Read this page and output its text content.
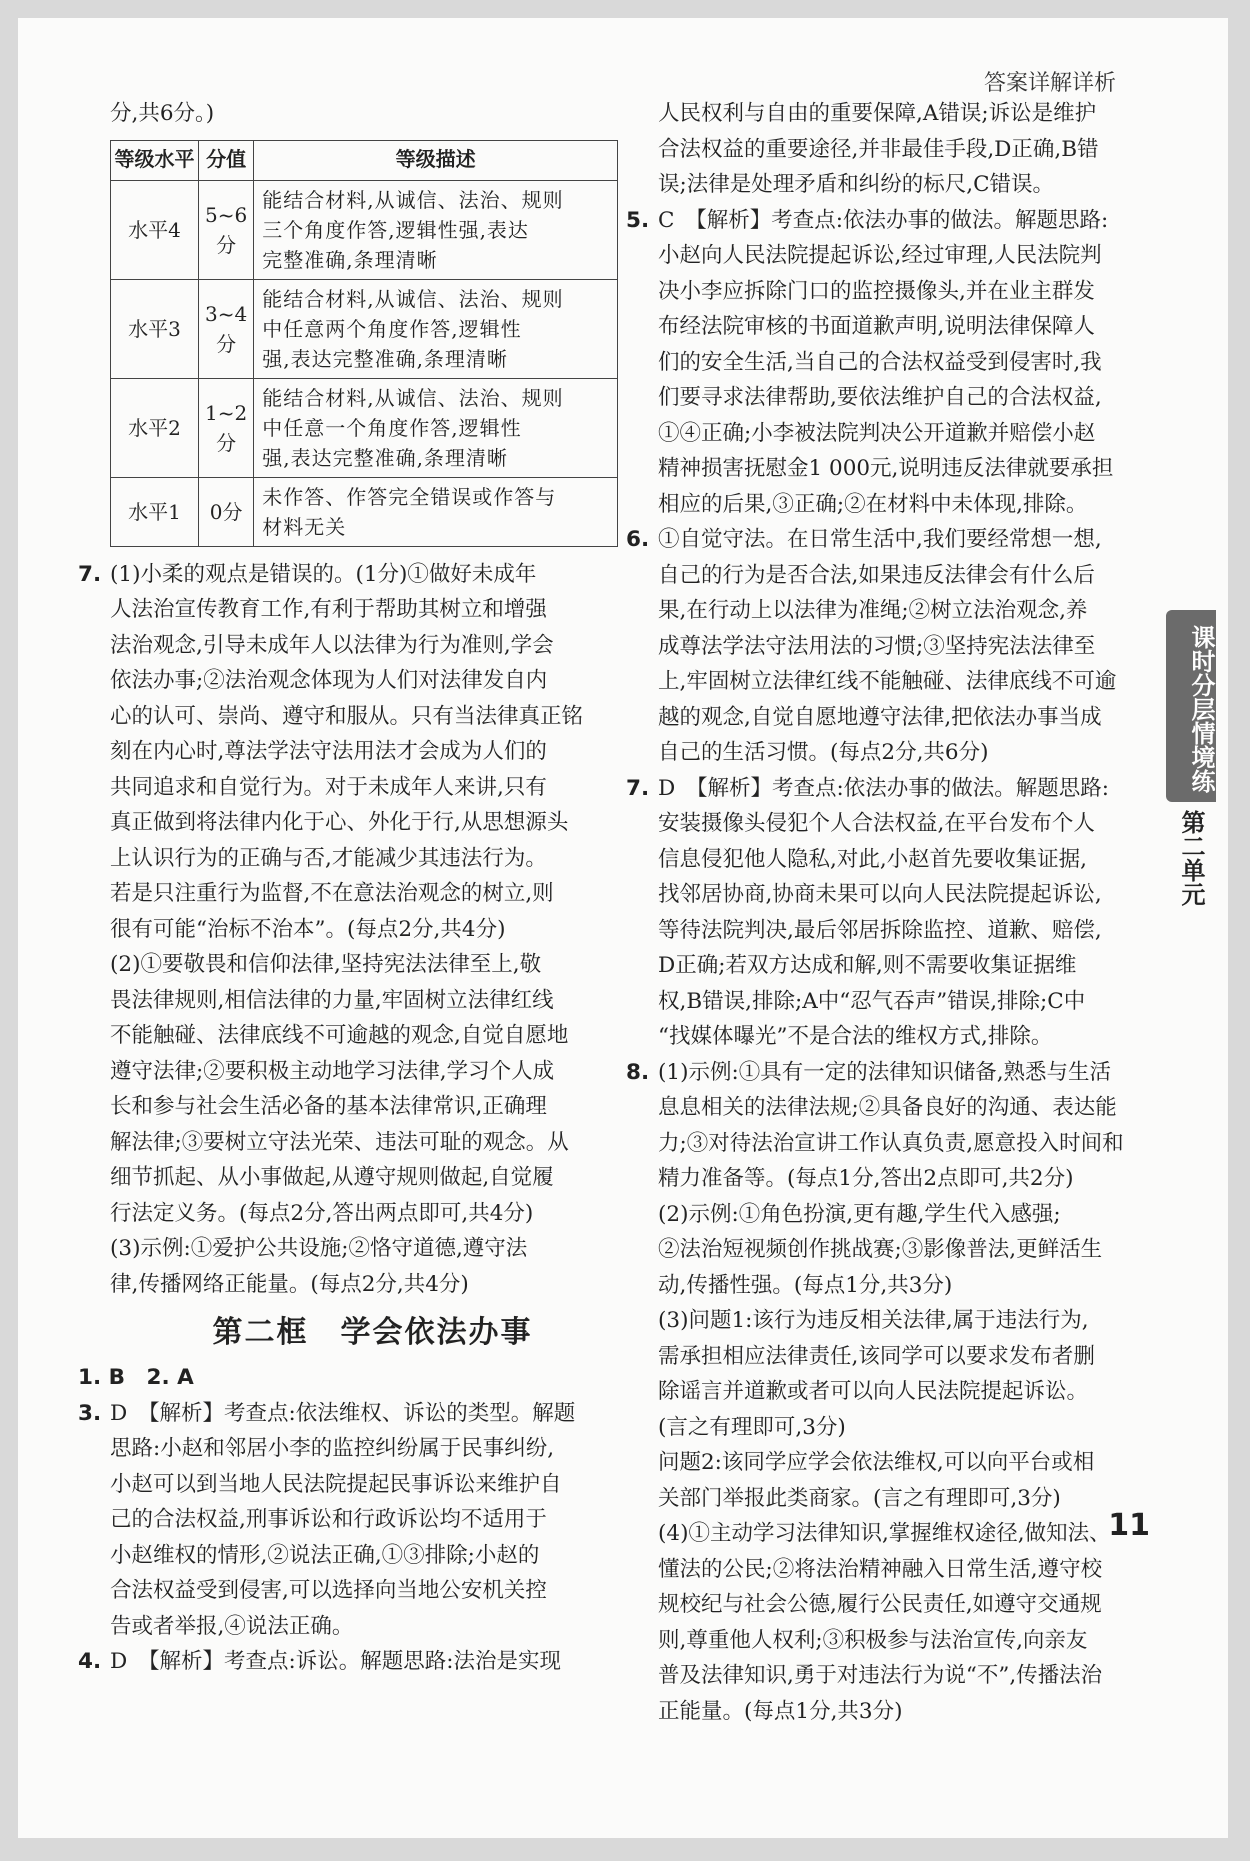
答案详解详析
分,共6分。)
等级水平	分值	等级描述
水平4	5~6分	能结合材料,从诚信、法治、规则
三个角度作答,逻辑性强,表达
完整准确,条理清晰

水平3	3~4分	能结合材料,从诚信、法治、规则
中任意两个角度作答,逻辑性
强,表达完整准确,条理清晰

水平2	1~2分	能结合材料,从诚信、法治、规则
中任意一个角度作答,逻辑性
强,表达完整准确,条理清晰

水平1	0分	未作答、作答完全错误或作答与
材料无关
7. (1)小柔的观点是错误的。(1分)①做好未成年
人法治宣传教育工作,有利于帮助其树立和增强
法治观念,引导未成年人以法律为行为准则,学会
依法办事;②法治观念体现为人们对法律发自内
心的认可、崇尚、遵守和服从。只有当法律真正铭
刻在内心时,尊法学法守法用法才会成为人们的
共同追求和自觉行为。对于未成年人来讲,只有
真正做到将法律内化于心、外化于行,从思想源头
上认识行为的正确与否,才能减少其违法行为。
若是只注重行为监督,不在意法治观念的树立,则
很有可能“治标不治本”。(每点2分,共4分)
(2)①要敬畏和信仰法律,坚持宪法法律至上,敬
畏法律规则,相信法律的力量,牢固树立法律红线
不能触碰、法律底线不可逾越的观念,自觉自愿地
遵守法律;②要积极主动地学习法律,学习个人成
长和参与社会生活必备的基本法律常识,正确理
解法律;③要树立守法光荣、违法可耻的观念。从
细节抓起、从小事做起,从遵守规则做起,自觉履
行法定义务。(每点2分,答出两点即可,共4分)
(3)示例:①爱护公共设施;②恪守道德,遵守法
律,传播网络正能量。(每点2分,共4分)
第二框　学会依法办事
1. B　2. A
3. D　【解析】考查点:依法维权、诉讼的类型。解题
思路:小赵和邻居小李的监控纠纷属于民事纠纷,
小赵可以到当地人民法院提起民事诉讼来维护自
己的合法权益,刑事诉讼和行政诉讼均不适用于
小赵维权的情形,②说法正确,①③排除;小赵的
合法权益受到侵害,可以选择向当地公安机关控
告或者举报,④说法正确。
4. D　【解析】考查点:诉讼。解题思路:法治是实现
人民权利与自由的重要保障,A错误;诉讼是维护
合法权益的重要途径,并非最佳手段,D正确,B错
误;法律是处理矛盾和纠纷的标尺,C错误。
5. C　【解析】考查点:依法办事的做法。解题思路:
小赵向人民法院提起诉讼,经过审理,人民法院判
决小李应拆除门口的监控摄像头,并在业主群发
布经法院审核的书面道歉声明,说明法律保障人
们的安全生活,当自己的合法权益受到侵害时,我
们要寻求法律帮助,要依法维护自己的合法权益,
①④正确;小李被法院判决公开道歉并赔偿小赵
精神损害抚慰金1 000元,说明违反法律就要承担
相应的后果,③正确;②在材料中未体现,排除。
6. ①自觉守法。在日常生活中,我们要经常想一想,
自己的行为是否合法,如果违反法律会有什么后
果,在行动上以法律为准绳;②树立法治观念,养
成尊法学法守法用法的习惯;③坚持宪法法律至
上,牢固树立法律红线不能触碰、法律底线不可逾
越的观念,自觉自愿地遵守法律,把依法办事当成
自己的生活习惯。(每点2分,共6分)
7. D　【解析】考查点:依法办事的做法。解题思路:
安装摄像头侵犯个人合法权益,在平台发布个人
信息侵犯他人隐私,对此,小赵首先要收集证据,
找邻居协商,协商未果可以向人民法院提起诉讼,
等待法院判决,最后邻居拆除监控、道歉、赔偿,
D正确;若双方达成和解,则不需要收集证据维
权,B错误,排除;A中“忍气吞声”错误,排除;C中
“找媒体曝光”不是合法的维权方式,排除。
8. (1)示例:①具有一定的法律知识储备,熟悉与生活
息息相关的法律法规;②具备良好的沟通、表达能
力;③对待法治宣讲工作认真负责,愿意投入时间和
精力准备等。(每点1分,答出2点即可,共2分)
(2)示例:①角色扮演,更有趣,学生代入感强;
②法治短视频创作挑战赛;③影像普法,更鲜活生
动,传播性强。(每点1分,共3分)
(3)问题1:该行为违反相关法律,属于违法行为,
需承担相应法律责任,该同学可以要求发布者删
除谣言并道歉或者可以向人民法院提起诉讼。
(言之有理即可,3分)
问题2:该同学应学会依法维权,可以向平台或相
关部门举报此类商家。(言之有理即可,3分)
(4)①主动学习法律知识,掌握维权途径,做知法、
懂法的公民;②将法治精神融入日常生活,遵守校
规校纪与社会公德,履行公民责任,如遵守交通规
则,尊重他人权利;③积极参与法治宣传,向亲友
普及法律知识,勇于对违法行为说“不”,传播法治
正能量。(每点1分,共3分)
课时分层情境练
第二单元
11
